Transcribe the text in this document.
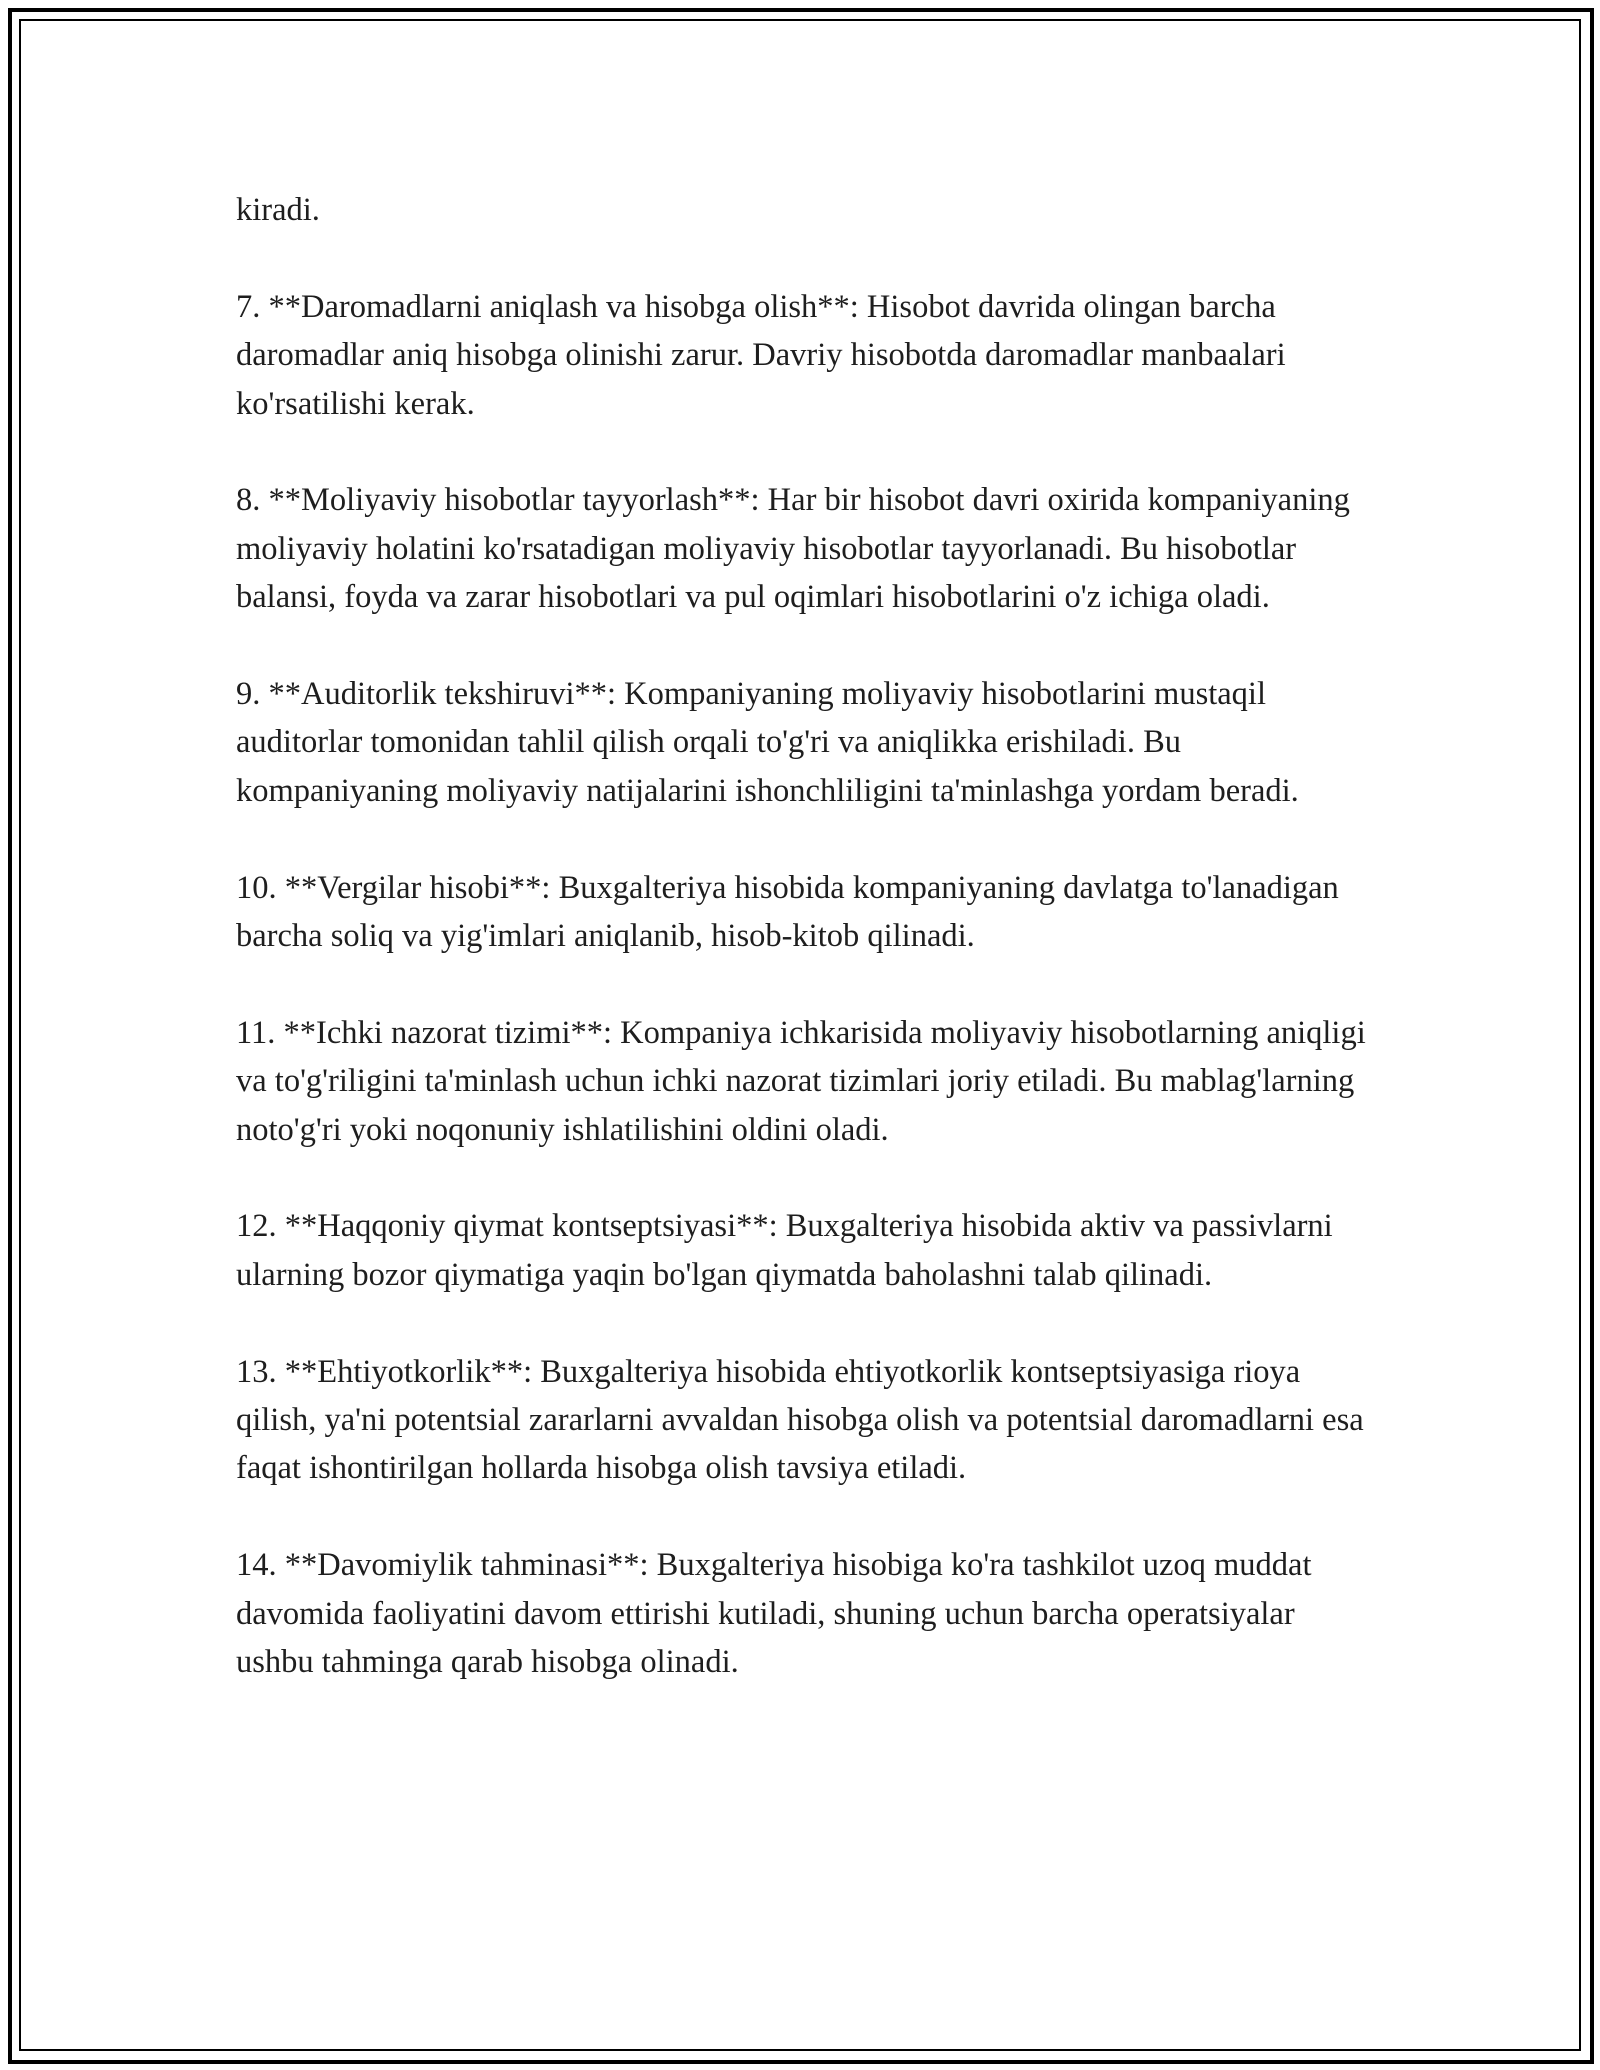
kiradi.

7. **Daromadlarni aniqlash va hisobga olish**: Hisobot davrida olingan barcha daromadlar aniq hisobga olinishi zarur. Davriy hisobotda daromadlar manbaalari ko'rsatilishi kerak.

8. **Moliyaviy hisobotlar tayyorlash**: Har bir hisobot davri oxirida kompaniyaning moliyaviy holatini ko'rsatadigan moliyaviy hisobotlar tayyorlanadi. Bu hisobotlar balansi, foyda va zarar hisobotlari va pul oqimlari hisobotlarini o'z ichiga oladi.

9. **Auditorlik tekshiruvi**: Kompaniyaning moliyaviy hisobotlarini mustaqil auditorlar tomonidan tahlil qilish orqali to'g'ri va aniqlikka erishiladi. Bu kompaniyaning moliyaviy natijalarini ishonchliligini ta'minlashga yordam beradi.

10. **Vergilar hisobi**: Buxgalteriya hisobida kompaniyaning davlatga to'lanadigan barcha soliq va yig'imlari aniqlanib, hisob-kitob qilinadi.

11. **Ichki nazorat tizimi**: Kompaniya ichkarisida moliyaviy hisobotlarning aniqligi va to'g'riligini ta'minlash uchun ichki nazorat tizimlari joriy etiladi. Bu mablag'larning noto'g'ri yoki noqonuniy ishlatilishini oldini oladi.

12. **Haqqoniy qiymat kontseptsiyasi**: Buxgalteriya hisobida aktiv va passivlarni ularning bozor qiymatiga yaqin bo'lgan qiymatda baholashni talab qilinadi.

13. **Ehtiyotkorlik**: Buxgalteriya hisobida ehtiyotkorlik kontseptsiyasiga rioya qilish, ya'ni potentsial zararlarni avvaldan hisobga olish va potentsial daromadlarni esa faqat ishontirilgan hollarda hisobga olish tavsiya etiladi.

14. **Davomiylik tahminasi**: Buxgalteriya hisobiga ko'ra tashkilot uzoq muddat davomida faoliyatini davom ettirishi kutiladi, shuning uchun barcha operatsiyalar ushbu tahminga qarab hisobga olinadi.
